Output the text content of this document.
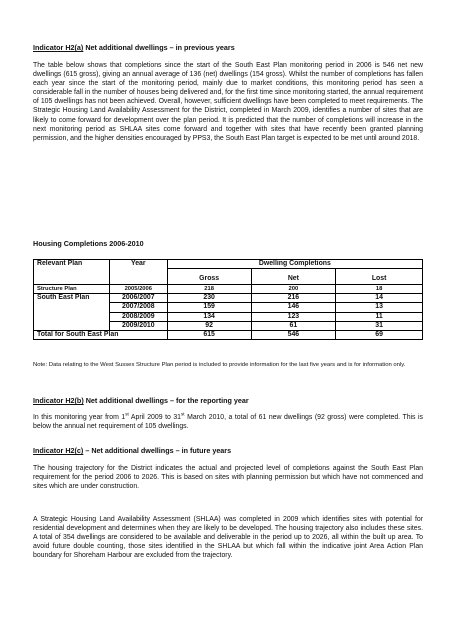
Indicator H2(a) Net additional dwellings – in previous years
The table below shows that completions since the start of the South East Plan monitoring period in 2006 is 546 net new dwellings (615 gross), giving an annual average of 136 (net) dwellings (154 gross). Whilst the number of completions has fallen each year since the start of the monitoring period, mainly due to market conditions, this monitoring period has seen a considerable fall in the number of houses being delivered and, for the first time since monitoring started, the annual requirement of 105 dwellings has not been achieved. Overall, however, sufficient dwellings have been completed to meet requirements. The Strategic Housing Land Availability Assessment for the District, completed in March 2009, identifies a number of sites that are likely to come forward for development over the plan period. It is predicted that the number of completions will increase in the next monitoring period as SHLAA sites come forward and together with sites that have recently been granted planning permission, and the higher densities encouraged by PPS3, the South East Plan target is expected to be met until around 2018.
Housing Completions 2006-2010
Relevant Plan	Year	Dwelling Completions		
		Gross	Net	Lost
Structure Plan	2005/2006	218	200	18
South East Plan	2006/2007	230	216	14
	2007/2008	159	146	13
	2008/2009	134	123	11
	2009/2010	92	61	31
Total for South East Plan		615	546	69
Note: Data relating to the West Sussex Structure Plan period is included to provide information for the last five years and is for information only.
Indicator H2(b) Net additional dwellings – for the reporting year
In this monitoring year from 1st April 2009 to 31st March 2010, a total of 61 new dwellings (92 gross) were completed. This is below the annual net requirement of 105 dwellings.
Indicator H2(c) – Net additional dwellings – in future years
The housing trajectory for the District indicates the actual and projected level of completions against the South East Plan requirement for the period 2006 to 2026. This is based on sites with planning permission but which have not commenced and sites which are under construction.
A Strategic Housing Land Availability Assessment (SHLAA) was completed in 2009 which identifies sites with potential for residential development and determines when they are likely to be developed. The housing trajectory also includes these sites. A total of 354 dwellings are considered to be available and deliverable in the period up to 2026, all within the built up area. To avoid future double counting, those sites identified in the SHLAA but which fall within the indicative joint Area Action Plan boundary for Shoreham Harbour are excluded from the trajectory.
